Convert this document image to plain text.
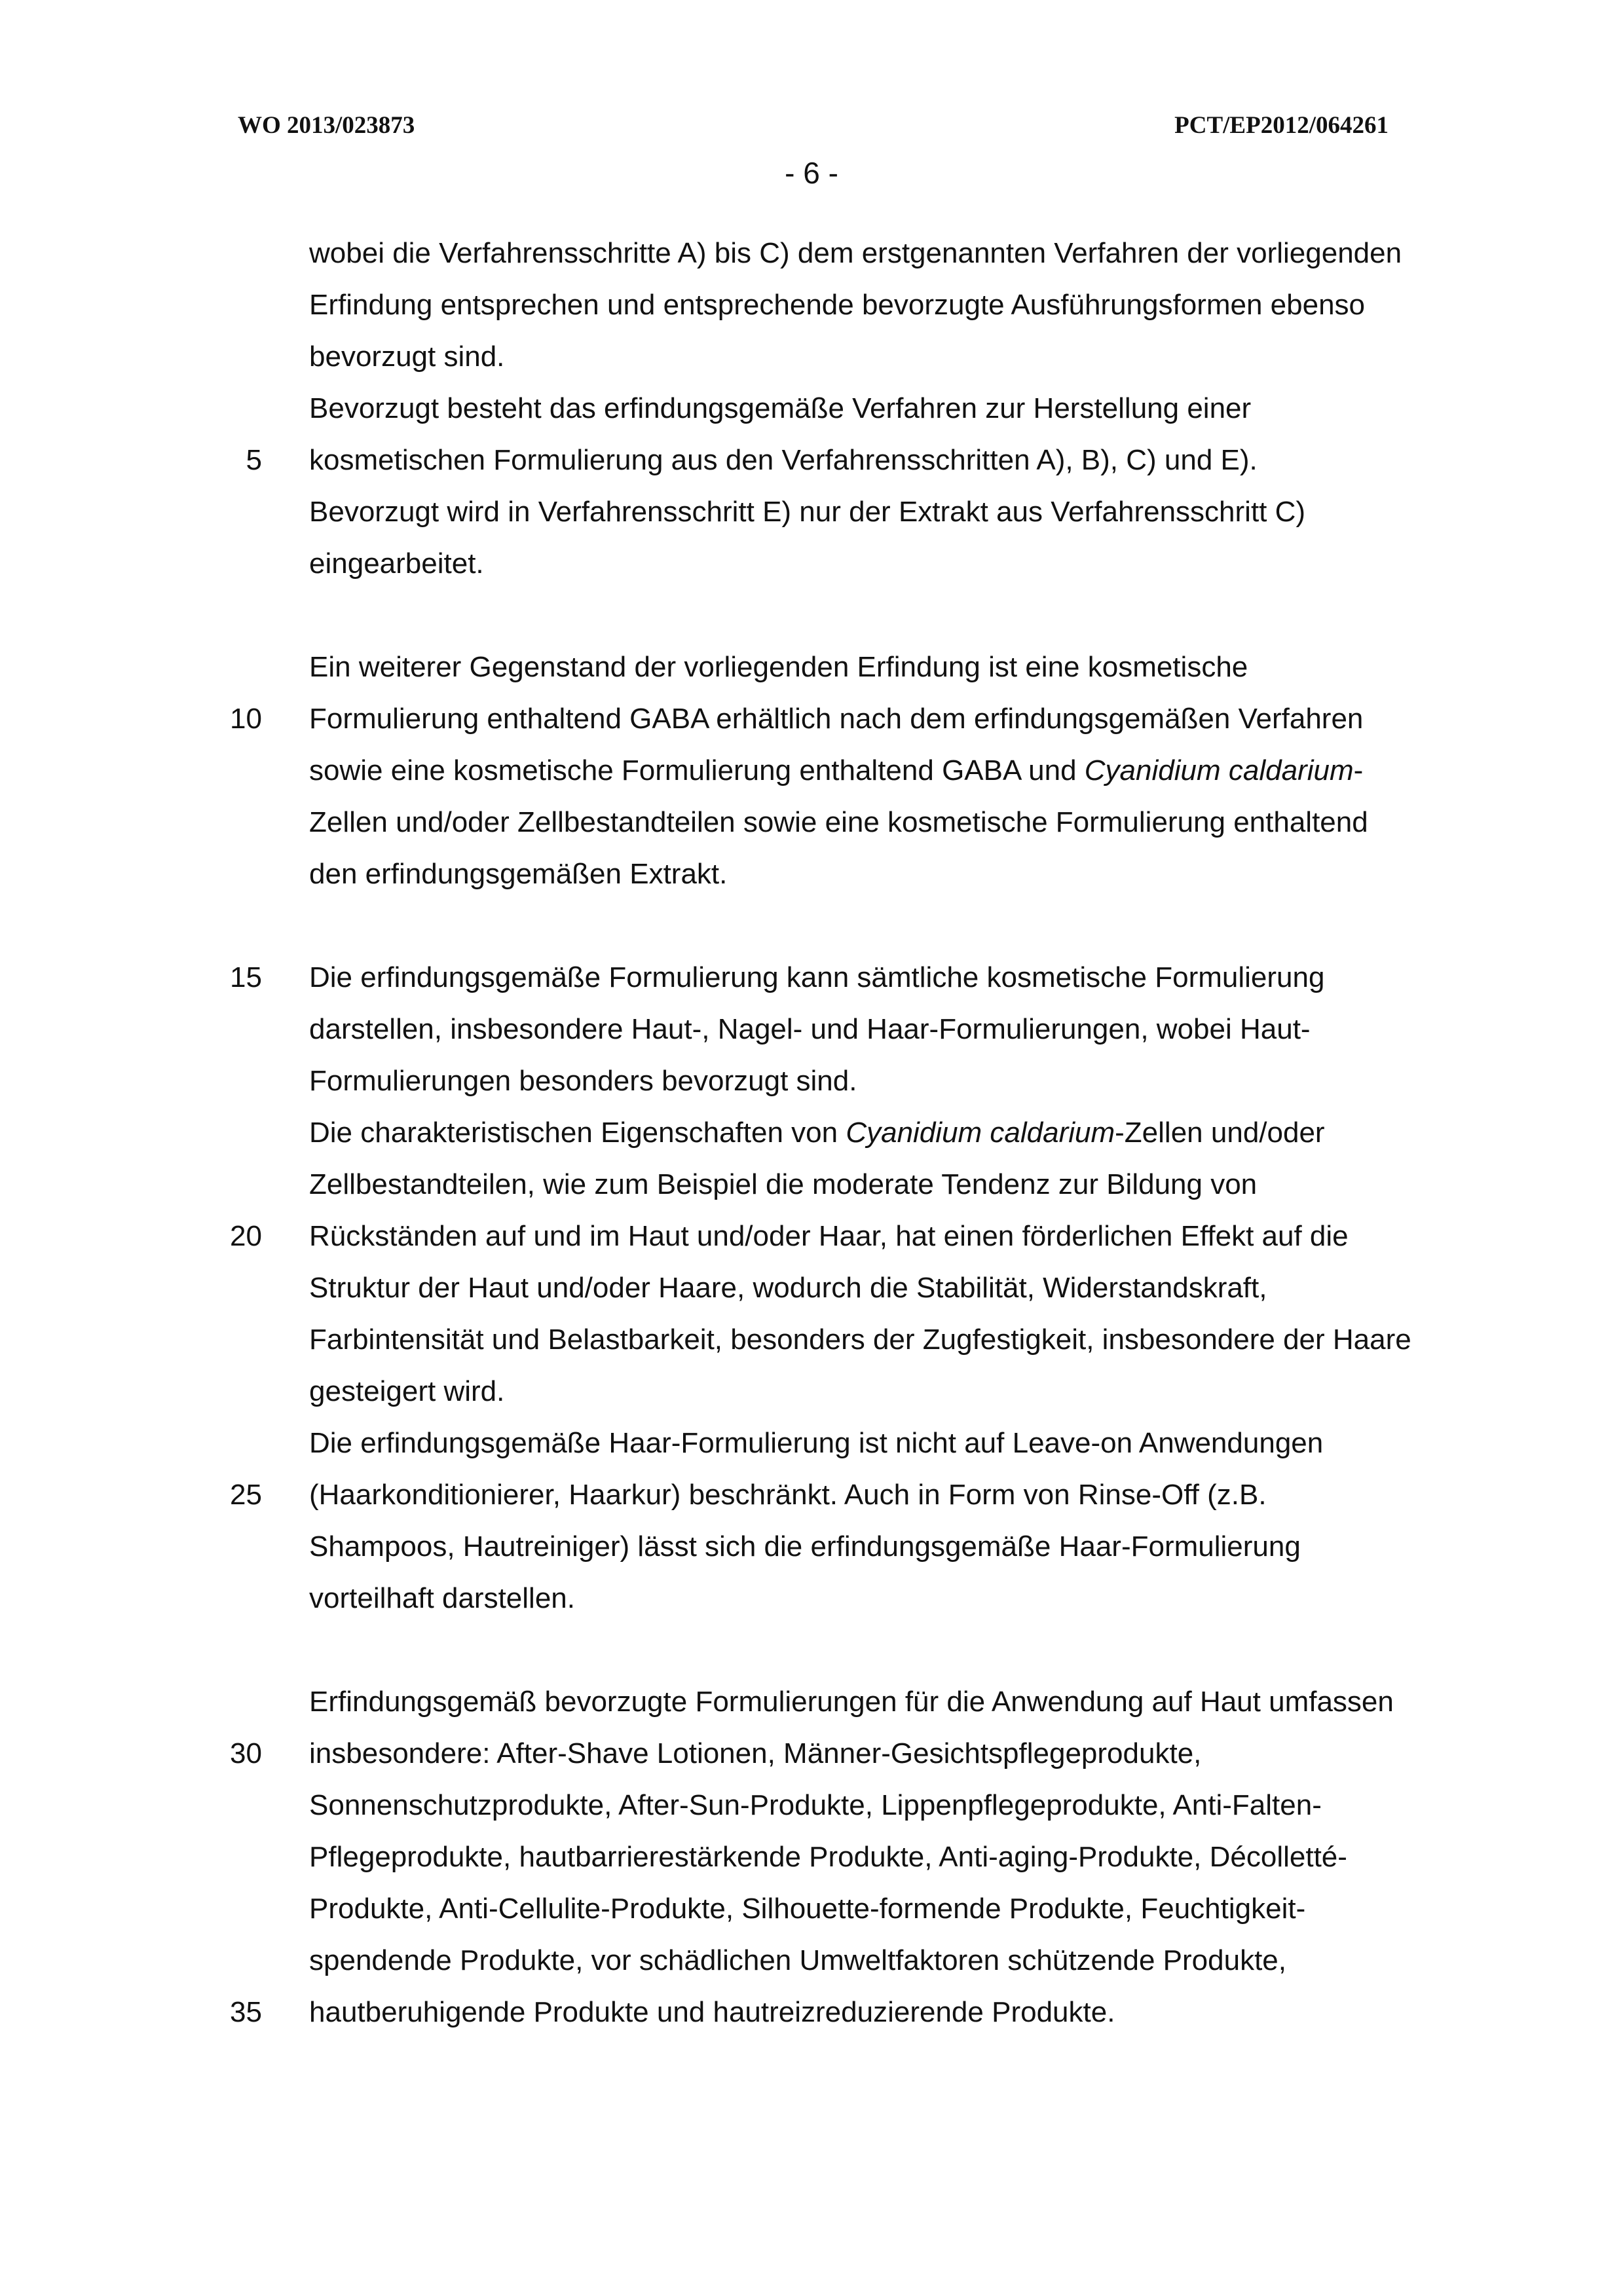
WO 2013/023873	PCT/EP2012/064261
- 6 -
5
10
15
20
25
30
35
wobei die Verfahrensschritte A) bis C) dem erstgenannten Verfahren der vorliegenden
Erfindung entsprechen und entsprechende bevorzugte Ausführungsformen ebenso
bevorzugt sind.
Bevorzugt besteht das erfindungsgemäße Verfahren zur Herstellung einer
kosmetischen Formulierung aus den Verfahrensschritten A), B), C) und E).
Bevorzugt wird in Verfahrensschritt E) nur der Extrakt aus Verfahrensschritt C)
eingearbeitet.
Ein weiterer Gegenstand der vorliegenden Erfindung ist eine kosmetische
Formulierung enthaltend GABA erhältlich nach dem erfindungsgemäßen Verfahren
sowie eine kosmetische Formulierung enthaltend GABA und Cyanidium caldarium-
Zellen und/oder Zellbestandteilen sowie eine kosmetische Formulierung enthaltend
den erfindungsgemäßen Extrakt.
Die erfindungsgemäße Formulierung kann sämtliche kosmetische Formulierung
darstellen, insbesondere Haut-, Nagel- und Haar-Formulierungen, wobei Haut-
Formulierungen besonders bevorzugt sind.
Die charakteristischen Eigenschaften von Cyanidium caldarium-Zellen und/oder
Zellbestandteilen, wie zum Beispiel die moderate Tendenz zur Bildung von
Rückständen auf und im Haut und/oder Haar, hat einen förderlichen Effekt auf die
Struktur der Haut und/oder Haare, wodurch die Stabilität, Widerstandskraft,
Farbintensität und Belastbarkeit, besonders der Zugfestigkeit, insbesondere der Haare
gesteigert wird.
Die erfindungsgemäße Haar-Formulierung ist nicht auf Leave-on Anwendungen
(Haarkonditionierer, Haarkur) beschränkt. Auch in Form von Rinse-Off (z.B.
Shampoos, Hautreiniger) lässt sich die erfindungsgemäße Haar-Formulierung
vorteilhaft darstellen.
Erfindungsgemäß bevorzugte Formulierungen für die Anwendung auf Haut umfassen
insbesondere: After-Shave Lotionen, Männer-Gesichtspflegeprodukte,
Sonnenschutzprodukte, After-Sun-Produkte, Lippenpflegeprodukte, Anti-Falten-
Pflegeprodukte, hautbarrierestärkende Produkte, Anti-aging-Produkte, Décolletté-
Produkte, Anti-Cellulite-Produkte, Silhouette-formende Produkte, Feuchtigkeit-
spendende Produkte, vor schädlichen Umweltfaktoren schützende Produkte,
hautberuhigende Produkte und hautreizreduzierende Produkte.
